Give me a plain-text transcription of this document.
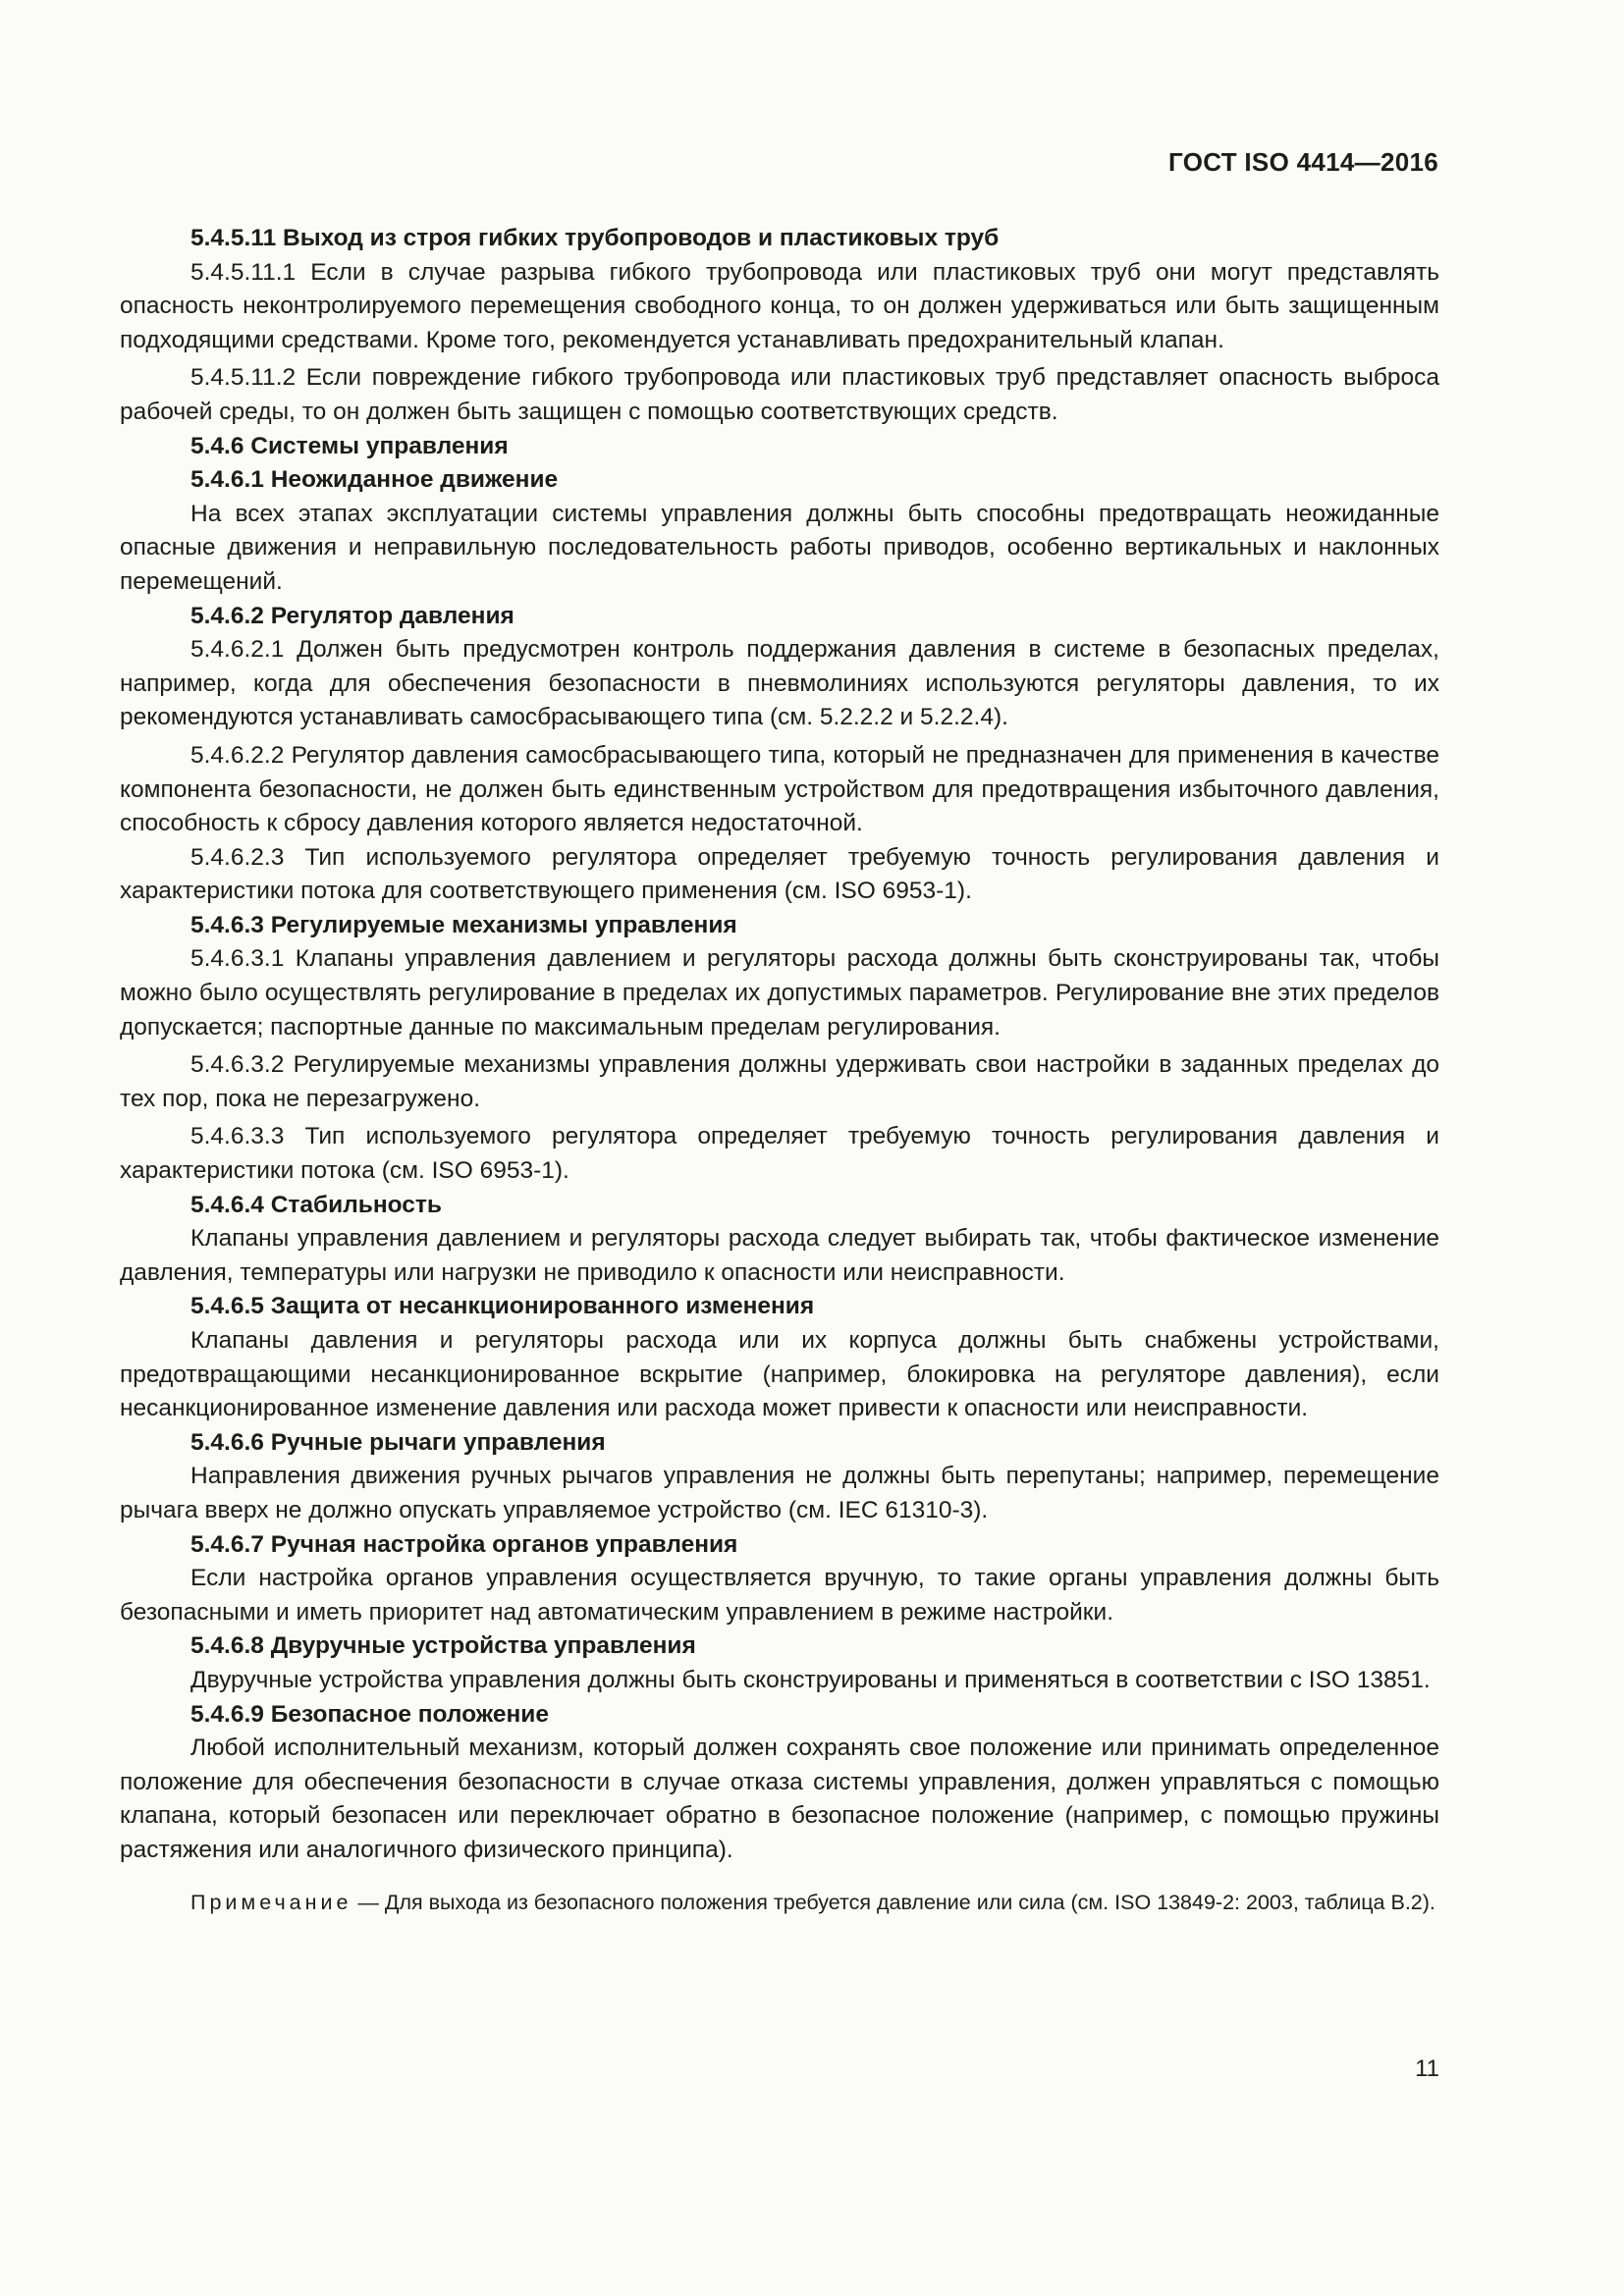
ГОСТ ISO 4414—2016

5.4.5.11 Выход из строя гибких трубопроводов и пластиковых труб

5.4.5.11.1 Если в случае разрыва гибкого трубопровода или пластиковых труб они могут представлять опасность неконтролируемого перемещения свободного конца, то он должен удерживаться или быть защищенным подходящими средствами. Кроме того, рекомендуется устанавливать предохранительный клапан.

5.4.5.11.2 Если повреждение гибкого трубопровода или пластиковых труб представляет опасность выброса рабочей среды, то он должен быть защищен с помощью соответствующих средств.

5.4.6 Системы управления

5.4.6.1 Неожиданное движение

На всех этапах эксплуатации системы управления должны быть способны предотвращать неожиданные опасные движения и неправильную последовательность работы приводов, особенно вертикальных и наклонных перемещений.

5.4.6.2 Регулятор давления

5.4.6.2.1 Должен быть предусмотрен контроль поддержания давления в системе в безопасных пределах, например, когда для обеспечения безопасности в пневмолиниях используются регуляторы давления, то их рекомендуются устанавливать самосбрасывающего типа (см. 5.2.2.2 и 5.2.2.4).

5.4.6.2.2 Регулятор давления самосбрасывающего типа, который не предназначен для применения в качестве компонента безопасности, не должен быть единственным устройством для предотвращения избыточного давления, способность к сбросу давления которого является недостаточной.

5.4.6.2.3 Тип используемого регулятора определяет требуемую точность регулирования давления и характеристики потока для соответствующего применения (см. ISO 6953-1).

5.4.6.3 Регулируемые механизмы управления

5.4.6.3.1 Клапаны управления давлением и регуляторы расхода должны быть сконструированы так, чтобы можно было осуществлять регулирование в пределах их допустимых параметров. Регулирование вне этих пределов допускается; паспортные данные по максимальным пределам регулирования.

5.4.6.3.2 Регулируемые механизмы управления должны удерживать свои настройки в заданных пределах до тех пор, пока не перезагружено.

5.4.6.3.3 Тип используемого регулятора определяет требуемую точность регулирования давления и характеристики потока (см. ISO 6953-1).

5.4.6.4 Стабильность

Клапаны управления давлением и регуляторы расхода следует выбирать так, чтобы фактическое изменение давления, температуры или нагрузки не приводило к опасности или неисправности.

5.4.6.5 Защита от несанкционированного изменения

Клапаны давления и регуляторы расхода или их корпуса должны быть снабжены устройствами, предотвращающими несанкционированное вскрытие (например, блокировка на регуляторе давления), если несанкционированное изменение давления или расхода может привести к опасности или неисправности.

5.4.6.6 Ручные рычаги управления

Направления движения ручных рычагов управления не должны быть перепутаны; например, перемещение рычага вверх не должно опускать управляемое устройство (см. IEC 61310-3).

5.4.6.7 Ручная настройка органов управления

Если настройка органов управления осуществляется вручную, то такие органы управления должны быть безопасными и иметь приоритет над автоматическим управлением в режиме настройки.

5.4.6.8 Двуручные устройства управления

Двуручные устройства управления должны быть сконструированы и применяться в соответствии с ISO 13851.

5.4.6.9 Безопасное положение

Любой исполнительный механизм, который должен сохранять свое положение или принимать определенное положение для обеспечения безопасности в случае отказа системы управления, должен управляться с помощью клапана, который безопасен или переключает обратно в безопасное положение (например, с помощью пружины растяжения или аналогичного физического принципа).

Примечание — Для выхода из безопасного положения требуется давление или сила (см. ISO 13849-2: 2003, таблица В.2).

11
